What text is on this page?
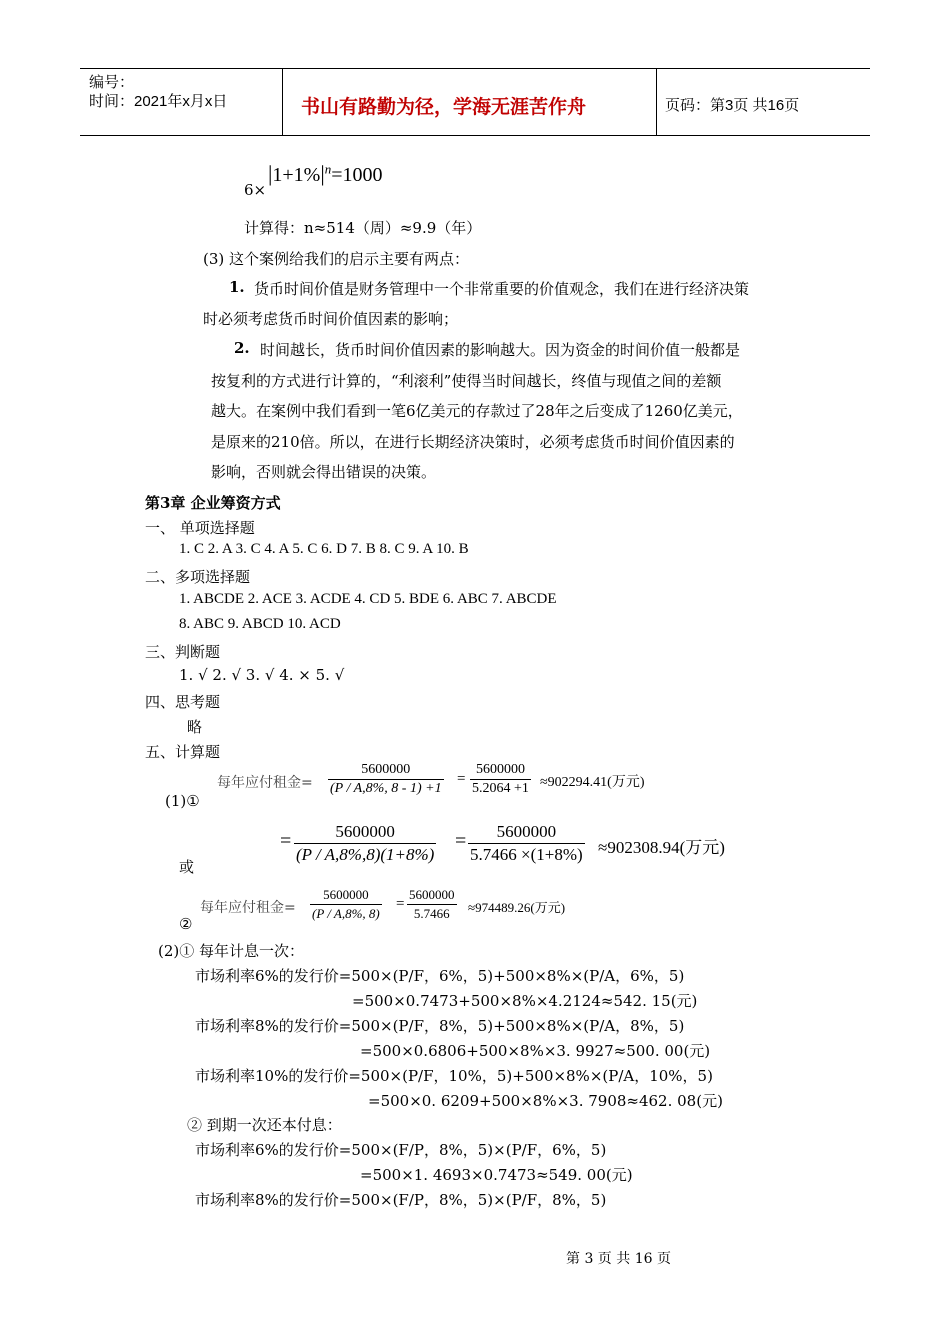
编号：
时间：2021年x月x日	书山有路勤为径，学海无涯苦作舟	页码：第3页 共16页
6×
$|1+1\%|^n=1000$
计算得：n≈514（周）≈9.9（年）
(3) 这个案例给我们的启示主要有两点：
1. 货币时间价值是财务管理中一个非常重要的价值观念，我们在进行经济决策
时必须考虑货币时间价值因素的影响；
2. 时间越长，货币时间价值因素的影响越大。因为资金的时间价值一般都是
按复利的方式进行计算的，“利滚利”使得当时间越长，终值与现值之间的差额
越大。在案例中我们看到一笔6亿美元的存款过了28年之后变成了1260亿美元，
是原来的210倍。所以，在进行长期经济决策时，必须考虑货币时间价值因素的
影响，否则就会得出错误的决策。
第3章 企业筹资方式
一、 单项选择题
1. C 2. A 3. C 4. A 5. C 6. D 7. B 8. C 9. A 10. B
二、多项选择题
1. ABCDE 2. ACE 3. ACDE 4. CD 5. BDE 6. ABC 7. ABCDE
8. ABC 9. ABCD 10. ACD
三、判断题
1. √ 2. √ 3. √ 4. × 5. √
四、思考题
略
五、计算题
每年应付租金= $\frac{5600000}{(P / A,8\%, 8 - 1) +1} = \frac{5600000}{5.2064 +1} \approx 902294.41$(万元)
(1)①
= $\frac{5600000}{(P / A,8\%,8)(1+8\%)} = \frac{5600000}{5.7466 \times(1+8\%)} \approx 902308.94$(万元)
或
每年应付租金= $\frac{5600000}{(P / A,8\%, 8)} = \frac{5600000}{5.7466} \approx 974489.26$(万元)
②
(2)① 每年计息一次：
市场利率6%的发行价=500×(P/F，6%，5)+500×8%×(P/A，6%，5)
=500×0.7473+500×8%×4.2124≈542. 15(元)
市场利率8%的发行价=500×(P/F，8%，5)+500×8%×(P/A，8%，5)
=500×0.6806+500×8%×3. 9927≈500. 00(元)
市场利率10%的发行价=500×(P/F，10%，5)+500×8%×(P/A，10%，5)
=500×0. 6209+500×8%×3. 7908≈462. 08(元)
② 到期一次还本付息：
市场利率6%的发行价=500×(F/P，8%，5)×(P/F，6%，5)
=500×1. 4693×0.7473≈549. 00(元)
市场利率8%的发行价=500×(F/P，8%，5)×(P/F，8%，5)
第 3 页 共 16 页
